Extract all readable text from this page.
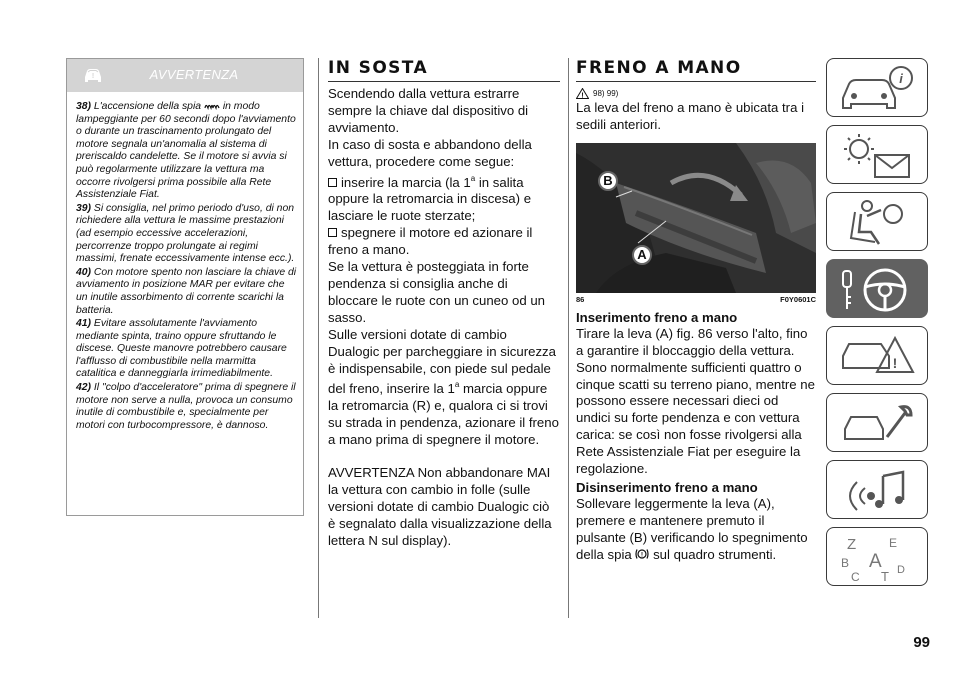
!	AVVERTENZA
38) L'accensione della spia in modo lampeggiante per 60 secondi dopo l'avviamento o durante un trascinamento prolungato del motore segnala un'anomalia al sistema di preriscaldo candelette. Se il motore si avvia si può regolarmente utilizzare la vettura ma occorre rivolgersi prima possibile alla Rete Assistenziale Fiat.
39) Si consiglia, nel primo periodo d'uso, di non richiedere alla vettura le massime prestazioni (ad esempio eccessive accelerazioni, percorrenze troppo prolungate ai regimi massimi, frenate eccessivamente intense ecc.).
40) Con motore spento non lasciare la chiave di avviamento in posizione MAR per evitare che un inutile assorbimento di corrente scarichi la batteria.
41) Evitare assolutamente l'avviamento mediante spinta, traino oppure sfruttando le discese. Queste manovre potrebbero causare l'afflusso di combustibile nella marmitta catalitica e danneggiarla irrimediabilmente.
42) Il "colpo d'acceleratore" prima di spegnere il motore non serve a nulla, provoca un consumo inutile di combustibile e, specialmente per motori con turbocompressore, è dannoso.
IN SOSTA

Scendendo dalla vettura estrarre sempre la chiave dal dispositivo di avviamento.

In caso di sosta e abbandono della vettura, procedere come segue:

inserire la marcia (la 1$^a$ in salita oppure la retromarcia in discesa) e lasciare le ruote sterzate;

spegnere il motore ed azionare il freno a mano.

Se la vettura è posteggiata in forte pendenza si consiglia anche di bloccare le ruote con un cuneo od un sasso.

Sulle versioni dotate di cambio Dualogic per parcheggiare in sicurezza è indispensabile, con piede sul pedale del freno, inserire la 1$^a$ marcia oppure la retromarcia (R) e, qualora ci si trovi su strada in pendenza, azionare il freno a mano prima di spegnere il motore.

AVVERTENZA Non abbandonare MAI la vettura con cambio in folle (sulle versioni dotate di cambio Dualogic ciò è segnalato dalla visualizzazione della lettera N sul display).

FRENO A MANO
! 98) 99)

La leva del freno a mano è ubicata tra i sedili anteriori.

B
A
86	F0Y0601C
Inserimento freno a mano

Tirare la leva (A) fig. 86 verso l'alto, fino a garantire il bloccaggio della vettura. Sono normalmente sufficienti quattro o cinque scatti su terreno piano, mentre ne possono essere necessari dieci od undici su forte pendenza e con vettura carica: se così non fosse rivolgersi alla Rete Assistenziale Fiat per eseguire la regolazione.

Disinserimento freno a mano

Sollevare leggermente la leva (A), premere e mantenere premuto il pulsante (B) verificando lo spegnimento della spia ! sul quadro strumenti.

i
!
Z	E
B A
C T D
99
